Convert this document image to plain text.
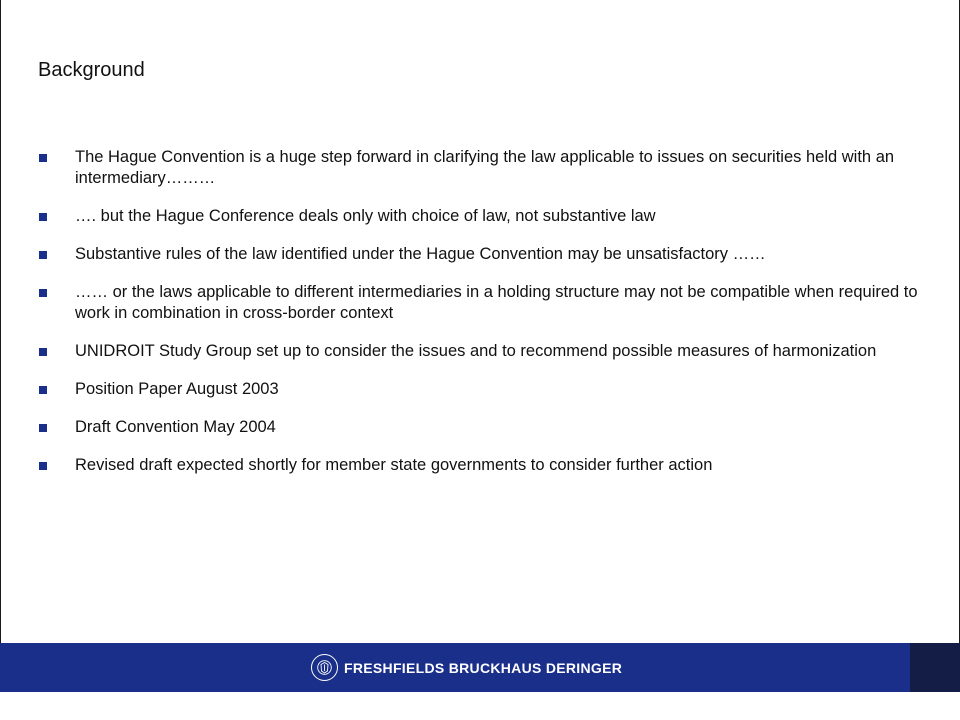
Background
The Hague Convention is a huge step forward in clarifying the law applicable to issues on securities held with an intermediary………
…. but the Hague Conference deals only with choice of law, not substantive law
Substantive rules of the law identified under the Hague Convention may be unsatisfactory ……
…… or the laws applicable to different intermediaries in a holding structure may not be compatible when required to work in combination in cross-border context
UNIDROIT Study Group set up to consider the issues and to recommend possible measures of harmonization
Position Paper August 2003
Draft Convention May 2004
Revised draft expected shortly for member state governments to consider further action
FRESHFIELDS BRUCKHAUS DERINGER
